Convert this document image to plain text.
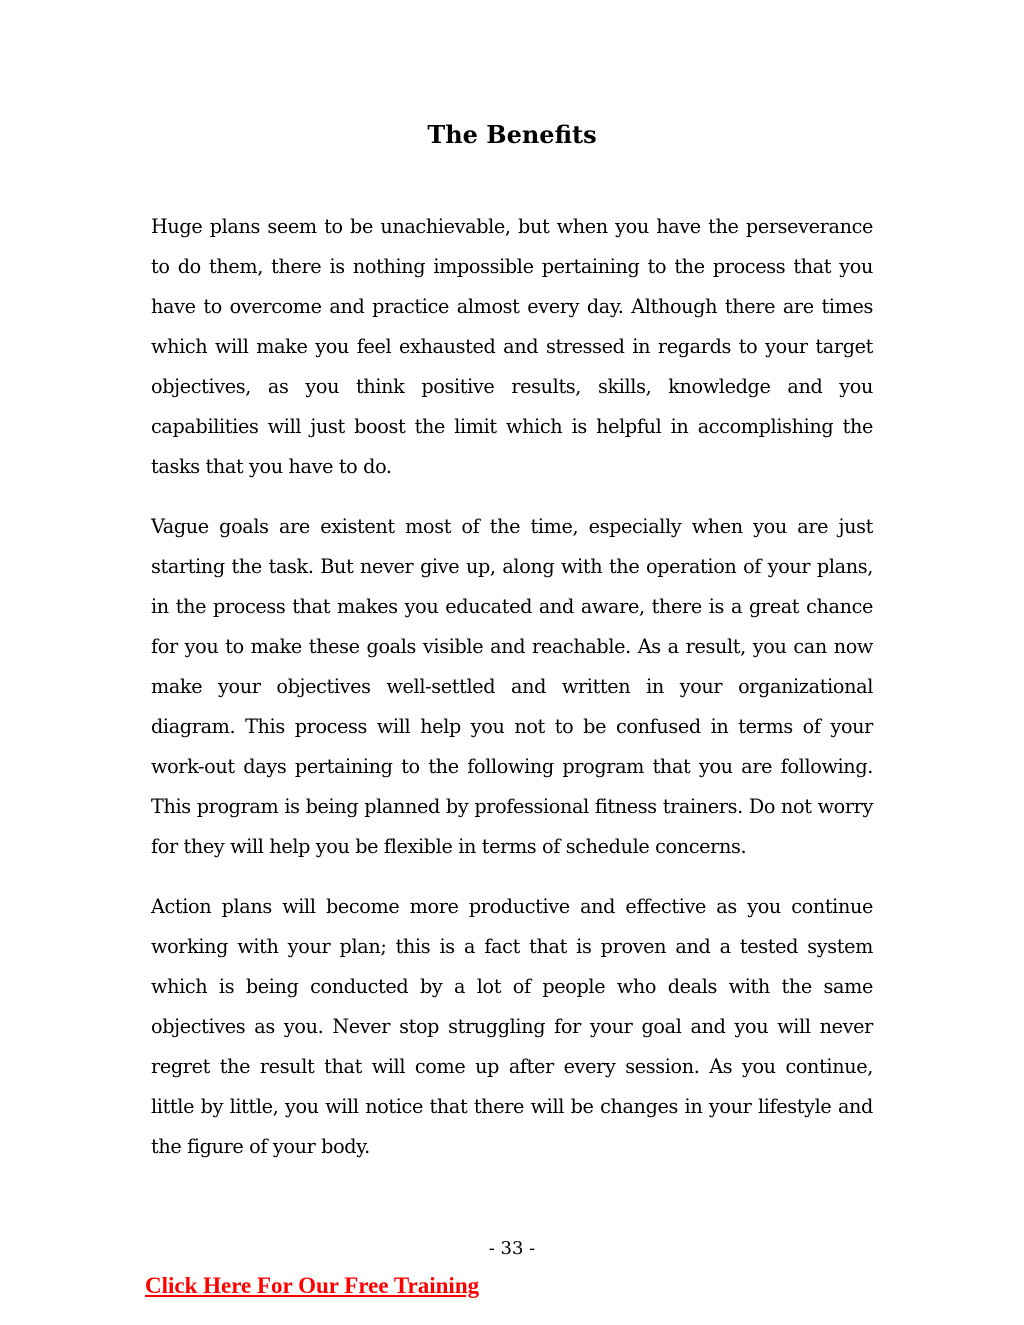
The Benefits

Huge plans seem to be unachievable, but when you have the perseverance to do them, there is nothing impossible pertaining to the process that you have to overcome and practice almost every day. Although there are times which will make you feel exhausted and stressed in regards to your target objectives, as you think positive results, skills, knowledge and you capabilities will just boost the limit which is helpful in accomplishing the tasks that you have to do.

Vague goals are existent most of the time, especially when you are just starting the task. But never give up, along with the operation of your plans, in the process that makes you educated and aware, there is a great chance for you to make these goals visible and reachable. As a result, you can now make your objectives well-settled and written in your organizational diagram. This process will help you not to be confused in terms of your work-out days pertaining to the following program that you are following. This program is being planned by professional fitness trainers. Do not worry for they will help you be flexible in terms of schedule concerns.

Action plans will become more productive and effective as you continue working with your plan; this is a fact that is proven and a tested system which is being conducted by a lot of people who deals with the same objectives as you. Never stop struggling for your goal and you will never regret the result that will come up after every session. As you continue, little by little, you will notice that there will be changes in your lifestyle and the figure of your body.

- 33 -
Click Here For Our Free Training
